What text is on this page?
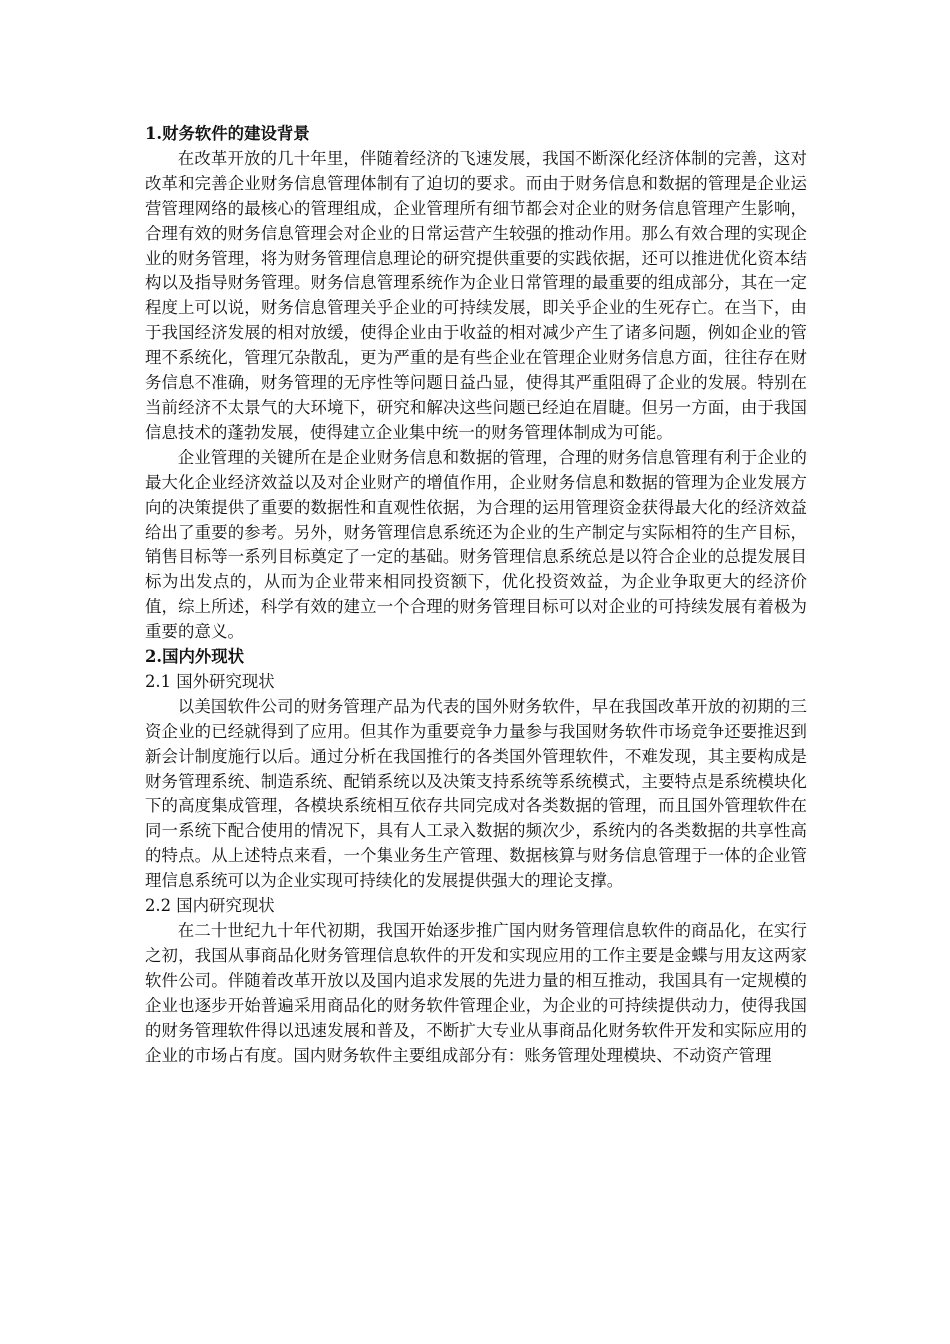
1.财务软件的建设背景

在改革开放的几十年里，伴随着经济的飞速发展，我国不断深化经济体制的完善，这对改革和完善企业财务信息管理体制有了迫切的要求。而由于财务信息和数据的管理是企业运营管理网络的最核心的管理组成，企业管理所有细节都会对企业的财务信息管理产生影响，合理有效的财务信息管理会对企业的日常运营产生较强的推动作用。那么有效合理的实现企业的财务管理，将为财务管理信息理论的研究提供重要的实践依据，还可以推进优化资本结构以及指导财务管理。财务信息管理系统作为企业日常管理的最重要的组成部分，其在一定程度上可以说，财务信息管理关乎企业的可持续发展，即关乎企业的生死存亡。在当下，由于我国经济发展的相对放缓，使得企业由于收益的相对减少产生了诸多问题，例如企业的管理不系统化，管理冗杂散乱，更为严重的是有些企业在管理企业财务信息方面，往往存在财务信息不准确，财务管理的无序性等问题日益凸显，使得其严重阻碍了企业的发展。特别在当前经济不太景气的大环境下，研究和解决这些问题已经迫在眉睫。但另一方面，由于我国信息技术的蓬勃发展，使得建立企业集中统一的财务管理体制成为可能。

企业管理的关键所在是企业财务信息和数据的管理，合理的财务信息管理有利于企业的最大化企业经济效益以及对企业财产的增值作用，企业财务信息和数据的管理为企业发展方向的决策提供了重要的数据性和直观性依据，为合理的运用管理资金获得最大化的经济效益给出了重要的参考。另外，财务管理信息系统还为企业的生产制定与实际相符的生产目标，销售目标等一系列目标奠定了一定的基础。财务管理信息系统总是以符合企业的总提发展目标为出发点的，从而为企业带来相同投资额下，优化投资效益，为企业争取更大的经济价值，综上所述，科学有效的建立一个合理的财务管理目标可以对企业的可持续发展有着极为重要的意义。

2.国内外现状

2.1 国外研究现状

以美国软件公司的财务管理产品为代表的国外财务软件，早在我国改革开放的初期的三资企业的已经就得到了应用。但其作为重要竞争力量参与我国财务软件市场竞争还要推迟到新会计制度施行以后。通过分析在我国推行的各类国外管理软件，不难发现，其主要构成是财务管理系统、制造系统、配销系统以及决策支持系统等系统模式，主要特点是系统模块化下的高度集成管理，各模块系统相互依存共同完成对各类数据的管理，而且国外管理软件在同一系统下配合使用的情况下，具有人工录入数据的频次少，系统内的各类数据的共享性高的特点。从上述特点来看，一个集业务生产管理、数据核算与财务信息管理于一体的企业管理信息系统可以为企业实现可持续化的发展提供强大的理论支撑。

2.2 国内研究现状

在二十世纪九十年代初期，我国开始逐步推广国内财务管理信息软件的商品化，在实行之初，我国从事商品化财务管理信息软件的开发和实现应用的工作主要是金蝶与用友这两家软件公司。伴随着改革开放以及国内追求发展的先进力量的相互推动，我国具有一定规模的企业也逐步开始普遍采用商品化的财务软件管理企业，为企业的可持续提供动力，使得我国的财务管理软件得以迅速发展和普及，不断扩大专业从事商品化财务软件开发和实际应用的企业的市场占有度。国内财务软件主要组成部分有：账务管理处理模块、不动资产管理
